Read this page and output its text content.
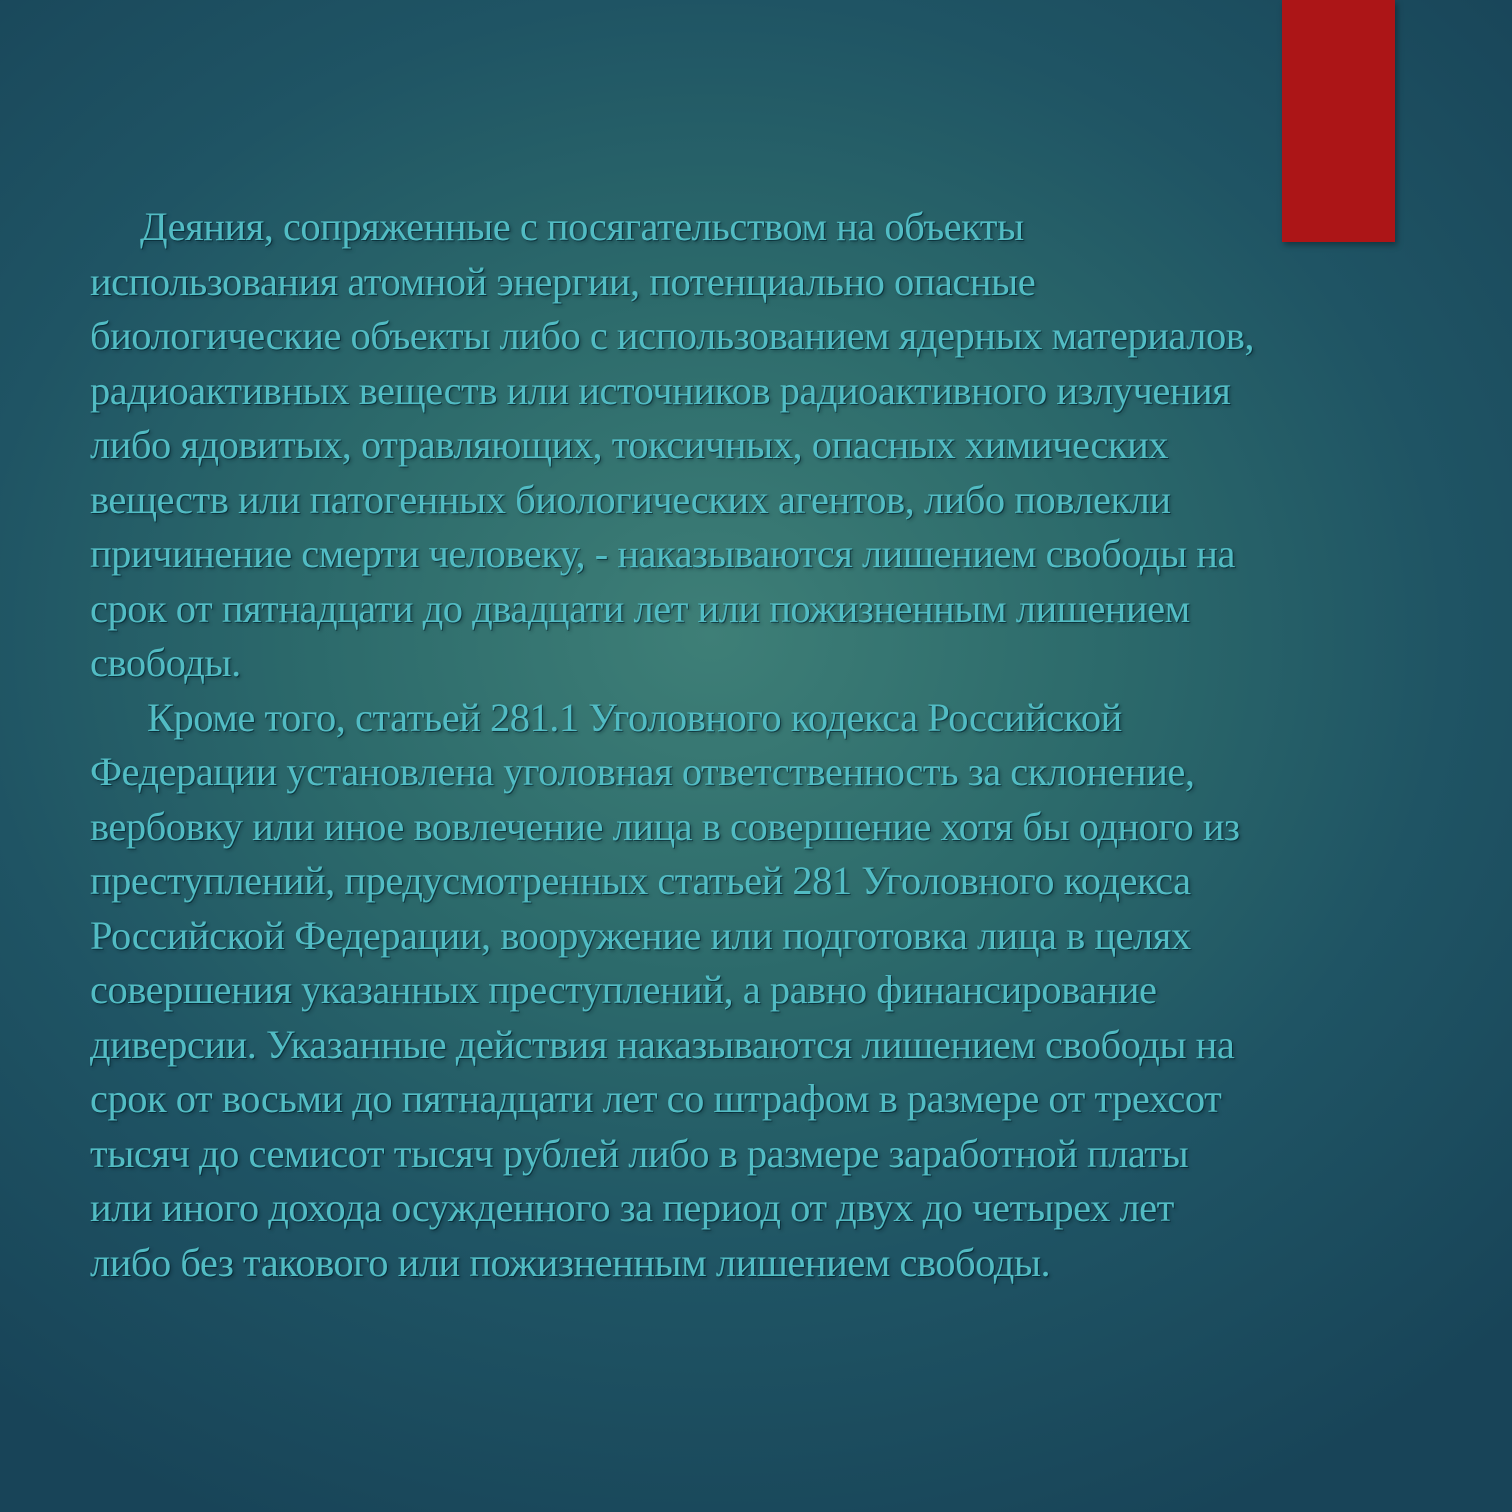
Деяния, сопряженные с посягательством на объекты
использования атомной энергии, потенциально опасные
биологические объекты либо с использованием ядерных материалов,
радиоактивных веществ или источников радиоактивного излучения
либо ядовитых, отравляющих, токсичных, опасных химических
веществ или патогенных биологических агентов, либо повлекли
причинение смерти человеку, - наказываются лишением свободы на
срок от пятнадцати до двадцати лет или пожизненным лишением
свободы.
Кроме того, статьей 281.1 Уголовного кодекса Российской
Федерации установлена уголовная ответственность за склонение,
вербовку или иное вовлечение лица в совершение хотя бы одного из
преступлений, предусмотренных статьей 281 Уголовного кодекса
Российской Федерации, вооружение или подготовка лица в целях
совершения указанных преступлений, а равно финансирование
диверсии. Указанные действия наказываются лишением свободы на
срок от восьми до пятнадцати лет со штрафом в размере от трехсот
тысяч до семисот тысяч рублей либо в размере заработной платы
или иного дохода осужденного за период от двух до четырех лет
либо без такового или пожизненным лишением свободы.
